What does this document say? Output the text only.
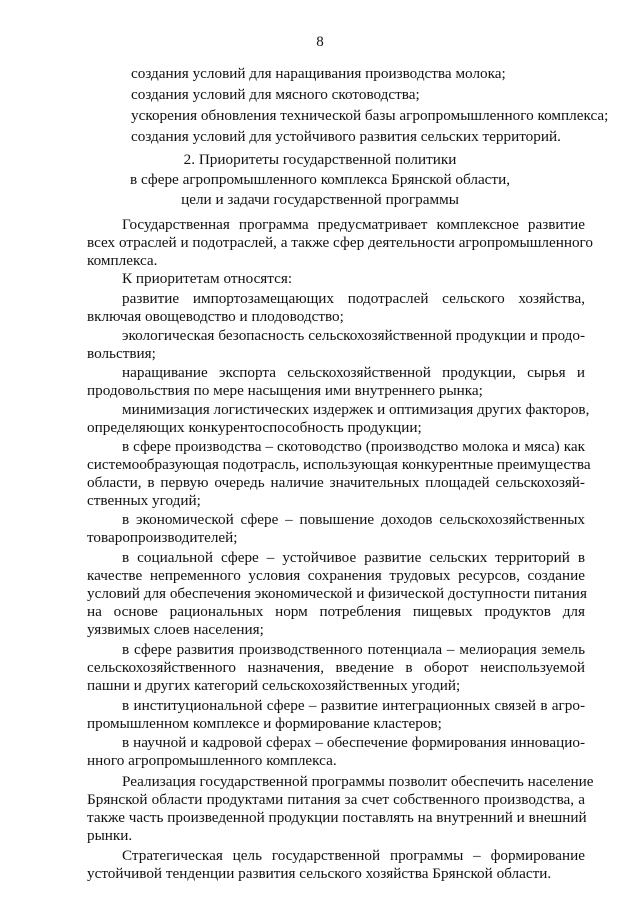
8
создания условий для наращивания производства молока;
создания условий для мясного скотоводства;
ускорения обновления технической базы агропромышленного комплекса;
создания условий для устойчивого развития сельских территорий.
2. Приоритеты государственной политики
в сфере агропромышленного комплекса Брянской области,
цели и задачи государственной программы
Государственная программа предусматривает комплексное развитие
всех отраслей и подотраслей, а также сфер деятельности агропромышленного
комплекса.
К приоритетам относятся:
развитие импортозамещающих подотраслей сельского хозяйства,
включая овощеводство и плодоводство;
экологическая безопасность сельскохозяйственной продукции и продо-
вольствия;
наращивание экспорта сельскохозяйственной продукции, сырья и
продовольствия по мере насыщения ими внутреннего рынка;
минимизация логистических издержек и оптимизация других факторов,
определяющих конкурентоспособность продукции;
в сфере производства – скотоводство (производство молока и мяса) как
системообразующая подотрасль, использующая конкурентные преимущества
области, в первую очередь наличие значительных площадей сельскохозяй-
ственных угодий;
в экономической сфере – повышение доходов сельскохозяйственных
товаропроизводителей;
в социальной сфере – устойчивое развитие сельских территорий в
качестве непременного условия сохранения трудовых ресурсов, создание
условий для обеспечения экономической и физической доступности питания
на основе рациональных норм потребления пищевых продуктов для
уязвимых слоев населения;
в сфере развития производственного потенциала – мелиорация земель
сельскохозяйственного назначения, введение в оборот неиспользуемой
пашни и других категорий сельскохозяйственных угодий;
в институциональной сфере – развитие интеграционных связей в агро-
промышленном комплексе и формирование кластеров;
в научной и кадровой сферах – обеспечение формирования инновацио-
нного агропромышленного комплекса.
Реализация государственной программы позволит обеспечить население
Брянской области продуктами питания за счет собственного производства, а
также часть произведенной продукции поставлять на внутренний и внешний
рынки.
Стратегическая цель государственной программы – формирование
устойчивой тенденции развития сельского хозяйства Брянской области.
